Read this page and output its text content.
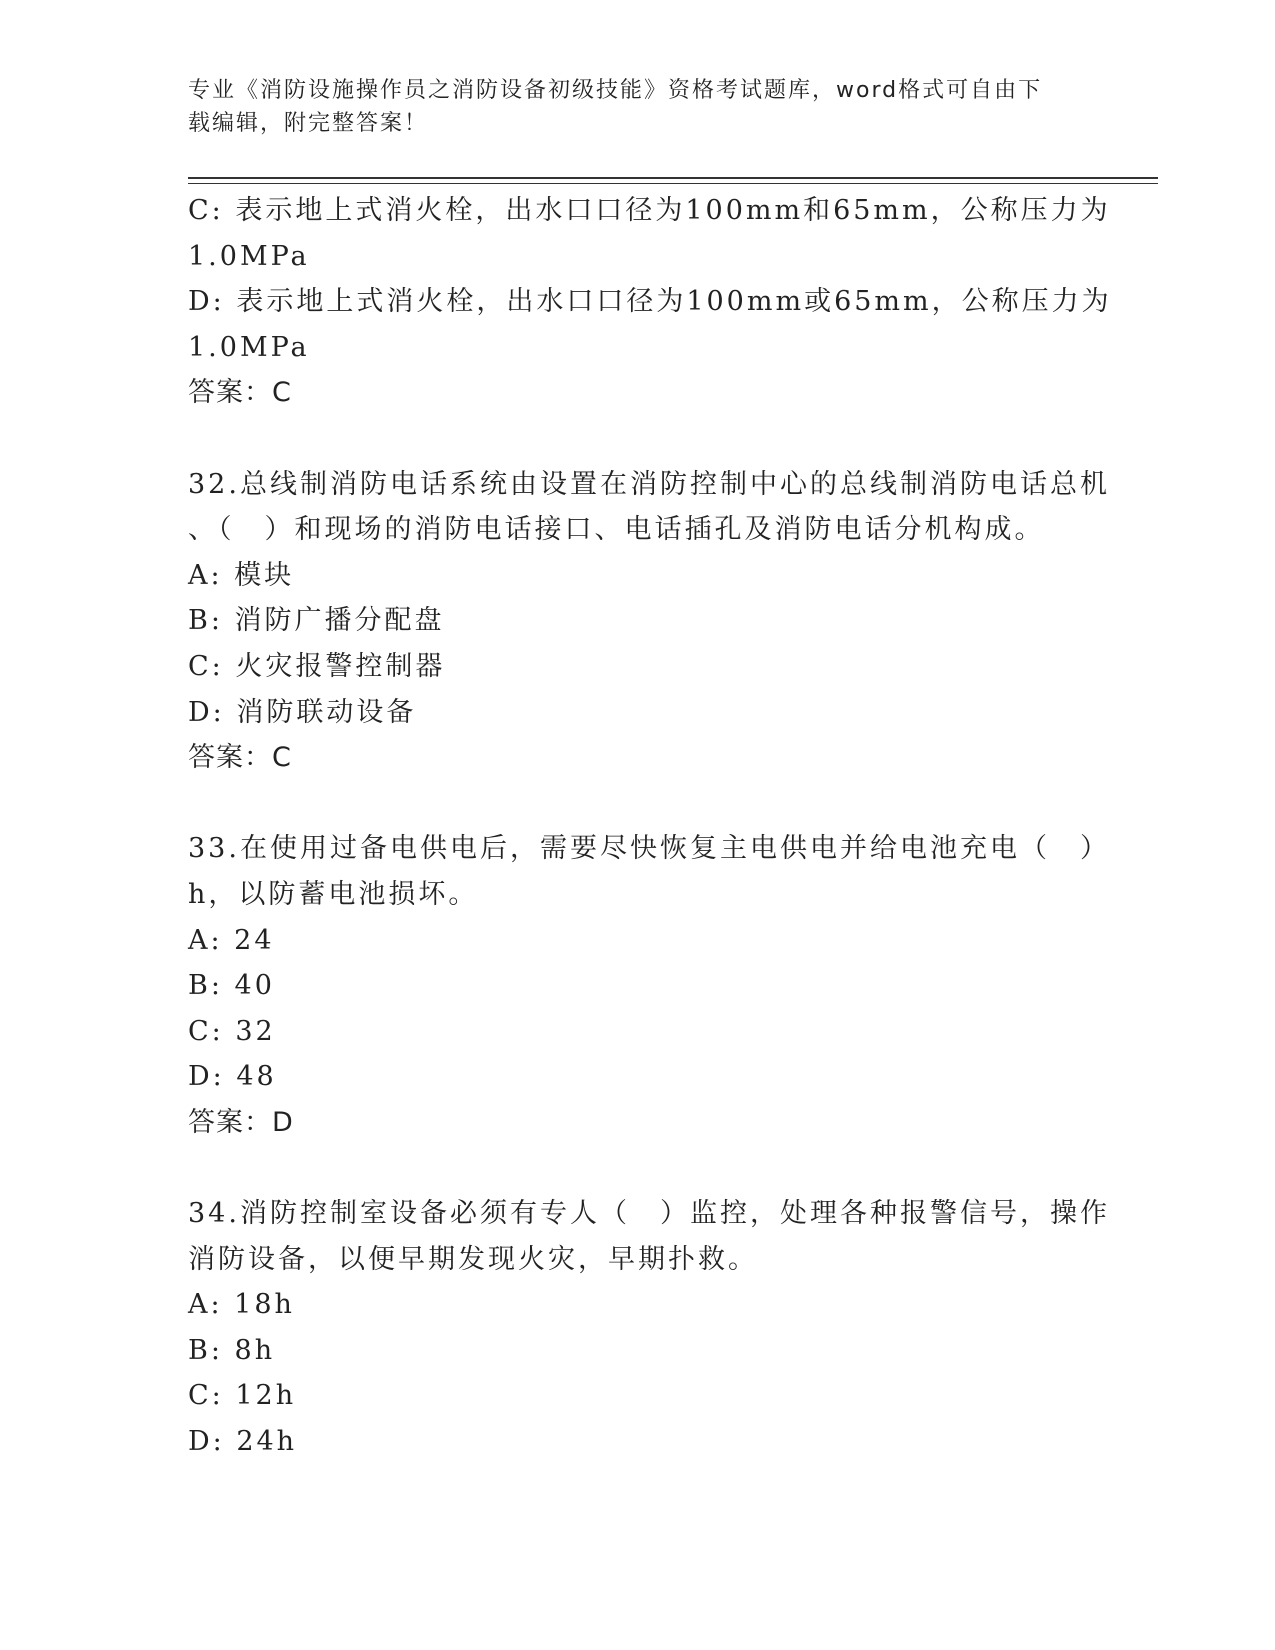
专业《消防设施操作员之消防设备初级技能》资格考试题库，word格式可自由下
载编辑，附完整答案！
C: 表示地上式消火栓，出水口口径为100mm和65mm，公称压力为
1.0MPa
D: 表示地上式消火栓，出水口口径为100mm或65mm，公称压力为
1.0MPa
答案：C
32.总线制消防电话系统由设置在消防控制中心的总线制消防电话总机
、（　）和现场的消防电话接口、电话插孔及消防电话分机构成。
A: 模块
B: 消防广播分配盘
C: 火灾报警控制器
D: 消防联动设备
答案：C
33.在使用过备电供电后，需要尽快恢复主电供电并给电池充电（　）
h，以防蓄电池损坏。
A: 24
B: 40
C: 32
D: 48
答案：D
34.消防控制室设备必须有专人（　）监控，处理各种报警信号，操作
消防设备，以便早期发现火灾，早期扑救。
A: 18h
B: 8h
C: 12h
D: 24h
